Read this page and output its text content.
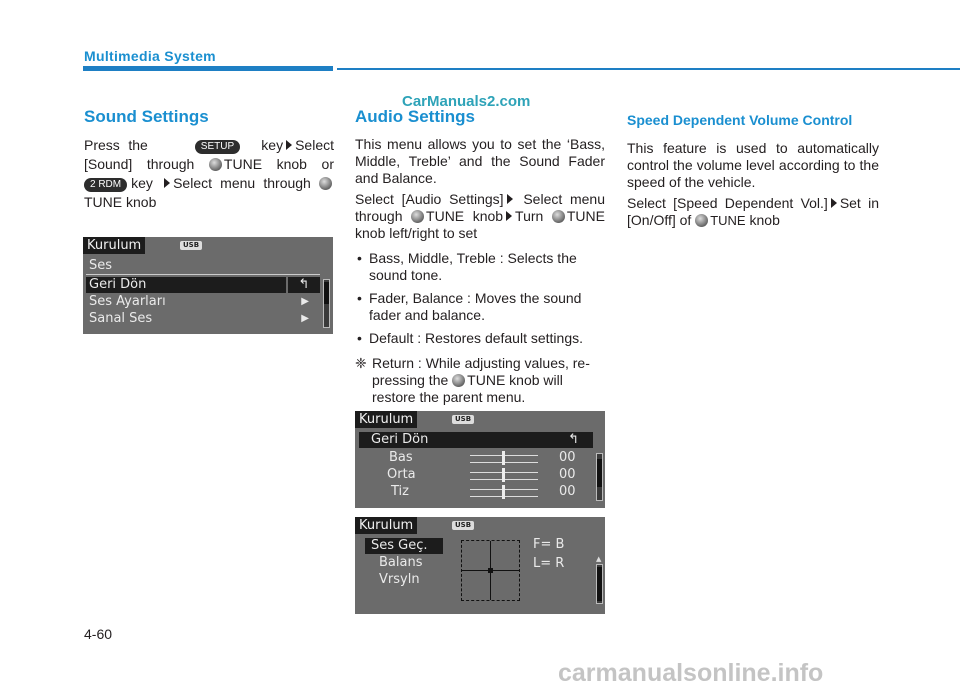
Multimedia System
CarManuals2.com
Sound Settings

Press the	SETUP key Select [Sound] through TUNE knob or 2 RDM key Select menu through TUNE knob

Kurulum	USB
Ses
Geri Dön	↰
Ses Ayarları	▶
Sanal Ses	▶
Audio Settings

This menu allows you to set the ‘Bass, Middle, Treble’ and the Sound Fader and Balance.

Select [Audio Settings] Select menu through TUNE knob Turn TUNE knob left/right to set

• Bass, Middle, Treble : Selects the sound tone.
• Fader, Balance : Moves the sound fader and balance.
• Default : Restores default settings.
❈ Return : While adjusting values, re-pressing the TUNE knob will restore the parent menu.
Kurulum	USB
Geri Dön	↰
Bas	00
Orta	00
Tiz	00
Kurulum	USB
Ses Geç.
Balans
Vrsyln
F= B
L= R	▲
Speed Dependent Volume Control

This feature is used to automatically control the volume level according to the speed of the vehicle.

Select [Speed Dependent Vol.] Set in [On/Off] of TUNE knob

4-60
carmanualsonline.info
